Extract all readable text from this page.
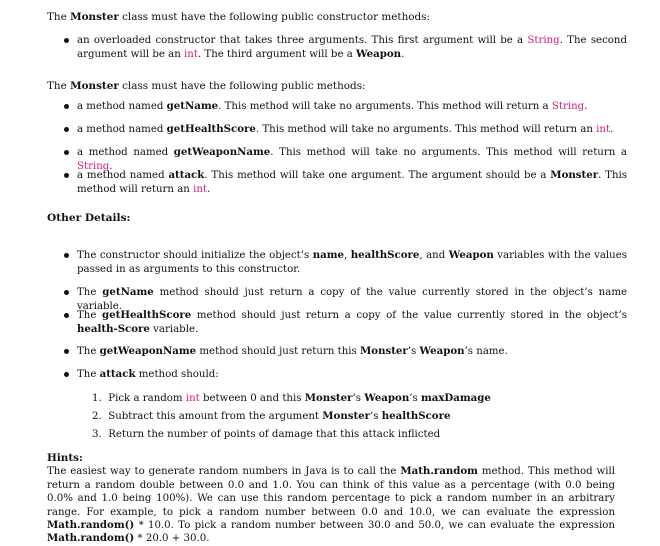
The Monster class must have the following public constructor methods:

an overloaded constructor that takes three arguments. This first argument will be a String. The second argument will be an int. The third argument will be a Weapon.

The Monster class must have the following public methods:

a method named getName. This method will take no arguments. This method will return a String.
a method named getHealthScore. This method will take no arguments. This method will return an int.
a method named getWeaponName. This method will take no arguments. This method will return a String.
a method named attack. This method will take one argument. The argument should be a Monster. This method will return an int.

Other Details:

The constructor should initialize the object’s name, healthScore, and Weapon variables with the values passed in as arguments to this constructor.
The getName method should just return a copy of the value currently stored in the object’s name variable.
The getHealthScore method should just return a copy of the value currently stored in the object’s health-Score variable.
The getWeaponName method should just return this Monster’s Weapon’s name.
The attack method should:
1. Pick a random int between 0 and this Monster’s Weapon’s maxDamage
2. Subtract this amount from the argument Monster’s healthScore
3. Return the number of points of damage that this attack inflicted
Hints:
The easiest way to generate random numbers in Java is to call the Math.random method. This method will return a random double between 0.0 and 1.0. You can think of this value as a percentage (with 0.0 being 0.0% and 1.0 being 100%). We can use this random percentage to pick a random number in an arbitrary range. For example, to pick a random number between 0.0 and 10.0, we can evaluate the expression Math.random() * 10.0. To pick a random number between 30.0 and 50.0, we can evaluate the expression Math.random() * 20.0 + 30.0.
